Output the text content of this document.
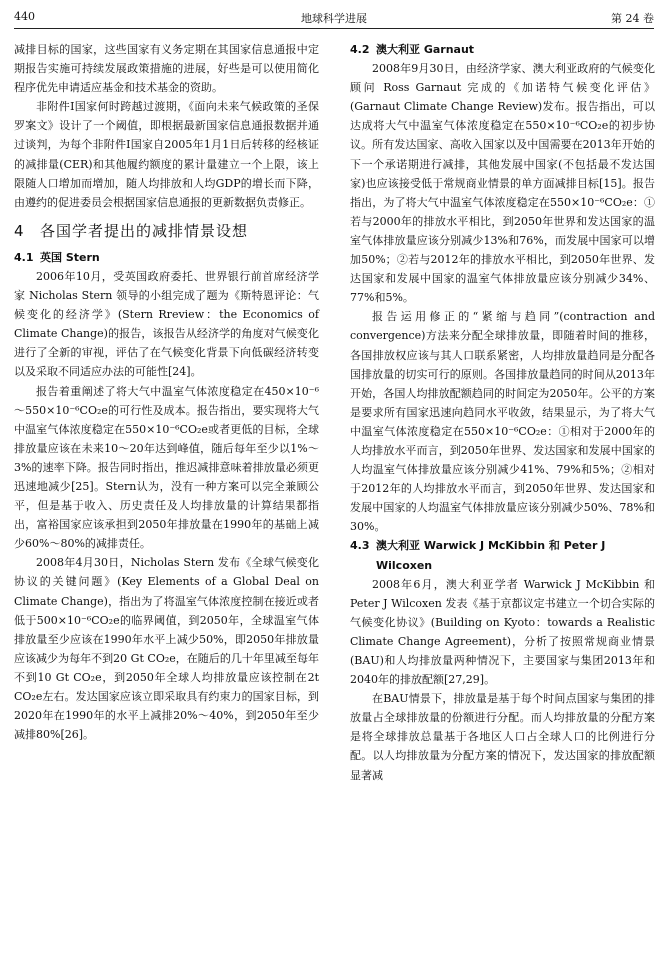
440	地球科学进展	第 24 卷

减排目标的国家，这些国家有义务定期在其国家信息通报中定期报告实施可持续发展政策措施的进展，好些是可以使用简化程序优先申请适应基金和技术基金的资助。

非附件Ⅰ国家何时跨越过渡期，《面向未来气候政策的圣保罗案文》设计了一个阈值，即根据最新国家信息通报数据并通过谈判，为每个非附件Ⅰ国家自2005年1月1日后转移的经核证的减排量(CER)和其他履约额度的累计量建立一个上限，该上限随人口增加而增加，随人均排放和人均GDP的增长而下降，由遵约的促进委员会根据国家信息通报的更新数据负责修正。

4 各国学者提出的减排情景设想
4.1 英国 Stern

2006年10月，受英国政府委托、世界银行前首席经济学家 Nicholas Stern 领导的小组完成了题为《斯特恩评论：气候变化的经济学》(Stern Rreview：the Economics of Climate Change)的报告，该报告从经济学的角度对气候变化进行了全新的审视，评估了在气候变化背景下向低碳经济转变以及采取不同适应办法的可能性[24]。

报告着重阐述了将大气中温室气体浓度稳定在450×10⁻⁶～550×10⁻⁶CO₂e的可行性及成本。报告指出，要实现将大气中温室气体浓度稳定在550×10⁻⁶CO₂e或者更低的目标，全球排放量应该在未来10～20年达到峰值，随后每年至少以1%～3%的速率下降。报告同时指出，推迟减排意味着排放量必须更迅速地减少[25]。Stern认为，没有一种方案可以完全兼顾公平，但是基于收入、历史责任及人均排放量的计算结果都指出，富裕国家应该承担到2050年排放量在1990年的基础上减少60%～80%的减排责任。

2008年4月30日，Nicholas Stern 发布《全球气候变化协议的关键问题》(Key Elements of a Global Deal on Climate Change)，指出为了将温室气体浓度控制在接近或者低于500×10⁻⁶CO₂e的临界阈值，到2050年，全球温室气体排放量至少应该在1990年水平上减少50%，即2050年排放量应该减少为每年不到20 Gt CO₂e，在随后的几十年里减至每年不到10 Gt CO₂e，到2050年全球人均排放量应该控制在2t CO₂e左右。发达国家应该立即采取具有约束力的国家目标，到2020年在1990年的水平上减排20%～40%，到2050年至少减排80%[26]。

4.2 澳大利亚 Garnaut

2008年9月30日，由经济学家、澳大利亚政府的气候变化顾问 Ross Garnaut 完成的《加诺特气候变化评估》(Garnaut Climate Change Review)发布。报告指出，可以达成将大气中温室气体浓度稳定在550×10⁻⁶CO₂e的初步协议。所有发达国家、高收入国家以及中国需要在2013年开始的下一个承诺期进行减排，其他发展中国家(不包括最不发达国家)也应该接受低于常规商业情景的单方面减排目标[15]。报告指出，为了将大气中温室气体浓度稳定在550×10⁻⁶CO₂e：①若与2000年的排放水平相比，到2050年世界和发达国家的温室气体排放量应该分别减少13%和76%，而发展中国家可以增加50%；②若与2012年的排放水平相比，到2050年世界、发达国家和发展中国家的温室气体排放量应该分别减少34%、77%和5%。

报告运用修正的“紧缩与趋同”(contraction and convergence)方法来分配全球排放量，即随着时间的推移，各国排放权应该与其人口联系紧密，人均排放量趋同是分配各国排放量的切实可行的原则。各国排放量趋同的时间从2013年开始，各国人均排放配额趋同的时间定为2050年。公平的方案是要求所有国家迅速向趋同水平收敛，结果显示，为了将大气中温室气体浓度稳定在550×10⁻⁶CO₂e：①相对于2000年的人均排放水平而言，到2050年世界、发达国家和发展中国家的人均温室气体排放量应该分别减少41%、79%和5%；②相对于2012年的人均排放水平而言，到2050年世界、发达国家和发展中国家的人均温室气体排放量应该分别减少50%、78%和30%。

4.3 澳大利亚 Warwick J McKibbin 和 Peter J
Wilcoxen

2008年6月，澳大利亚学者 Warwick J McKibbin 和 Peter J Wilcoxen 发表《基于京都议定书建立一个切合实际的气候变化协议》(Building on Kyoto：towards a Realistic Climate Change Agreement)，分析了按照常规商业情景(BAU)和人均排放量两种情况下，主要国家与集团2013年和2040年的排放配额[27,29]。

在BAU情景下，排放量是基于每个时间点国家与集团的排放量占全球排放量的份额进行分配。而人均排放量的分配方案是将全球排放总量基于各地区人口占全球人口的比例进行分配。以人均排放量为分配方案的情况下，发达国家的排放配额显著减
